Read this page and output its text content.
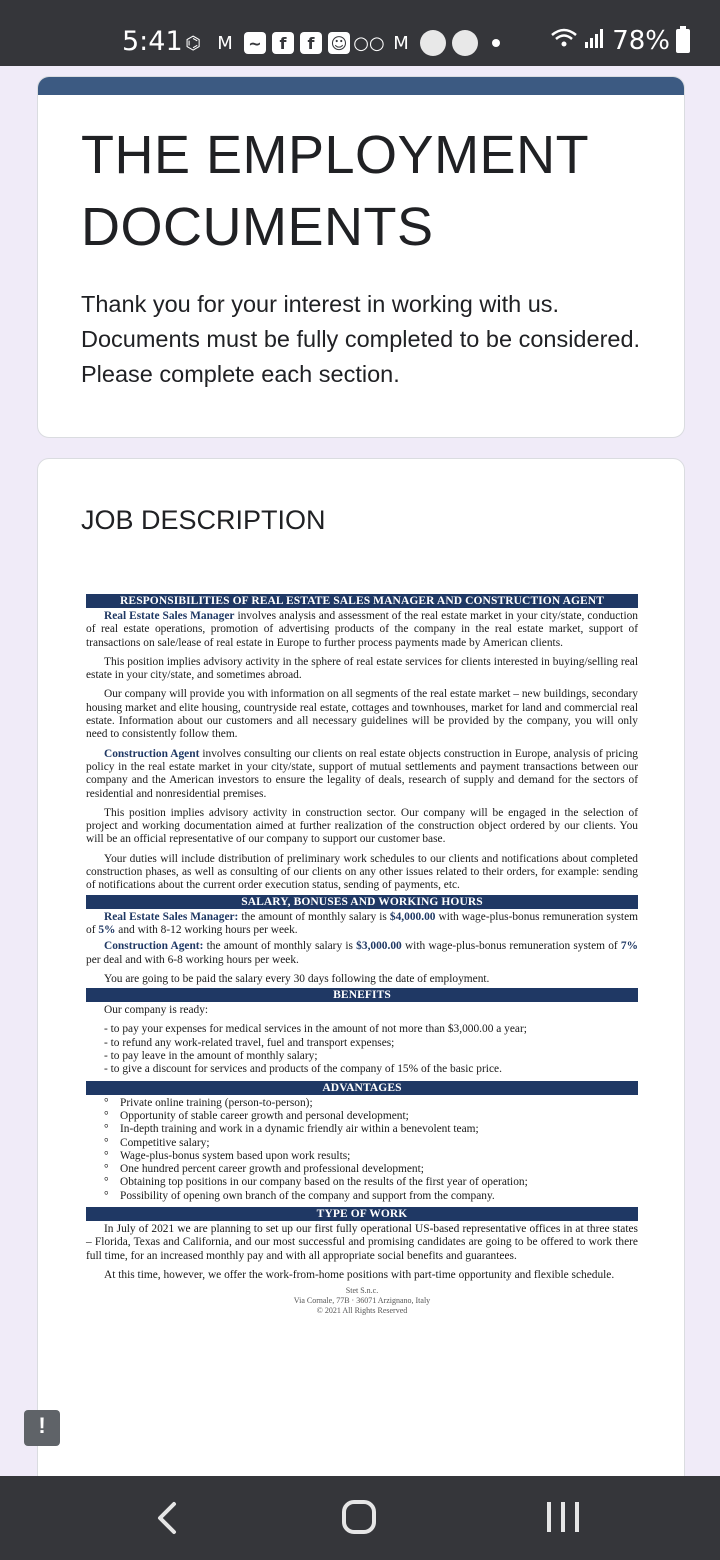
5:41 ⌬ M ~	f	f	☺ ○○ M	78%
THE EMPLOYMENT DOCUMENTS
Thank you for your interest in working with us. Documents must be fully completed to be considered. Please complete each section.
JOB DESCRIPTION
RESPONSIBILITIES OF REAL ESTATE SALES MANAGER AND CONSTRUCTION AGENT

Real Estate Sales Manager involves analysis and assessment of the real estate market in your city/state, conduction of real estate operations, promotion of advertising products of the company in the real estate market, support of transactions on sale/lease of real estate in Europe to further process payments made by American clients.

This position implies advisory activity in the sphere of real estate services for clients interested in buying/selling real estate in your city/state, and sometimes abroad.

Our company will provide you with information on all segments of the real estate market – new buildings, secondary housing market and elite housing, countryside real estate, cottages and townhouses, market for land and commercial real estate. Information about our customers and all necessary guidelines will be provided by the company, you will only need to consistently follow them.

Construction Agent involves consulting our clients on real estate objects construction in Europe, analysis of pricing policy in the real estate market in your city/state, support of mutual settlements and payment transactions between our company and the American investors to ensure the legality of deals, research of supply and demand for the sectors of residential and nonresidential premises.

This position implies advisory activity in construction sector. Our company will be engaged in the selection of project and working documentation aimed at further realization of the construction object ordered by our clients. You will be an official representative of our company to support our customer base.

Your duties will include distribution of preliminary work schedules to our clients and notifications about completed construction phases, as well as consulting of our clients on any other issues related to their orders, for example: sending of notifications about the current order execution status, sending of payments, etc.

SALARY, BONUSES AND WORKING HOURS

Real Estate Sales Manager: the amount of monthly salary is $4,000.00 with wage-plus-bonus remuneration system of 5% and with 8-12 working hours per week.

Construction Agent: the amount of monthly salary is $3,000.00 with wage-plus-bonus remuneration system of 7% per deal and with 6-8 working hours per week.

You are going to be paid the salary every 30 days following the date of employment.

BENEFITS
Our company is ready:
- to pay your expenses for medical services in the amount of not more than $3,000.00 a year;
- to refund any work-related travel, fuel and transport expenses;
- to pay leave in the amount of monthly salary;
- to give a discount for services and products of the company of 15% of the basic price.
ADVANTAGES
° Private online training (person-to-person);
° Opportunity of stable career growth and personal development;
° In-depth training and work in a dynamic friendly air within a benevolent team;
° Competitive salary;
° Wage-plus-bonus system based upon work results;
° One hundred percent career growth and professional development;
° Obtaining top positions in our company based on the results of the first year of operation;
° Possibility of opening own branch of the company and support from the company.
TYPE OF WORK

In July of 2021 we are planning to set up our first fully operational US-based representative offices in at three states – Florida, Texas and California, and our most successful and promising candidates are going to be offered to work there full time, for an increased monthly pay and with all appropriate social benefits and guarantees.

At this time, however, we offer the work-from-home positions with part-time opportunity and flexible schedule.

Stet S.n.c.
Via Cornale, 77B · 36071 Arzignano, Italy
© 2021 All Rights Reserved
!
